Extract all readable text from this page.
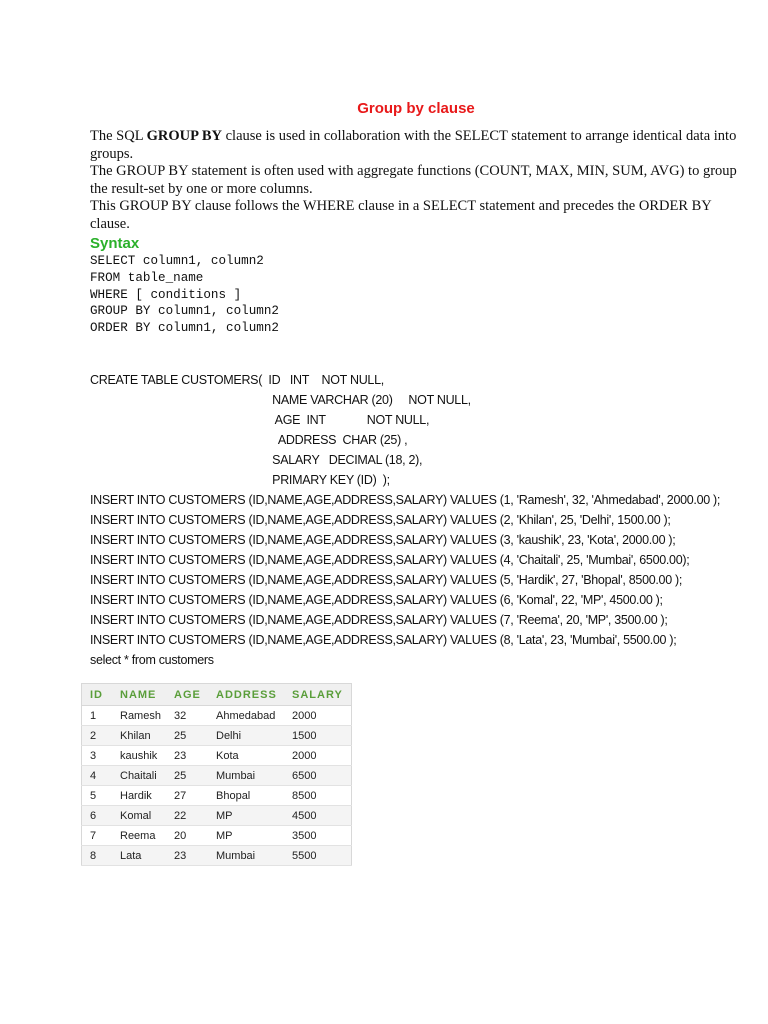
Group by clause

The SQL GROUP BY clause is used in collaboration with the SELECT statement to arrange identical data into groups.

The GROUP BY statement is often used with aggregate functions (COUNT, MAX, MIN, SUM, AVG) to group the result-set by one or more columns.

This GROUP BY clause follows the WHERE clause in a SELECT statement and precedes the ORDER BY clause.

Syntax
SELECT column1, column2
FROM table_name
WHERE [ conditions ]
GROUP BY column1, column2
ORDER BY column1, column2
CREATE TABLE CUSTOMERS(  ID   INT    NOT NULL,
NAME VARCHAR (20)     NOT NULL,
AGE  INT             NOT NULL,
ADDRESS  CHAR (25) ,
SALARY   DECIMAL (18, 2),
PRIMARY KEY (ID)  );
INSERT INTO CUSTOMERS (ID,NAME,AGE,ADDRESS,SALARY) VALUES (1, 'Ramesh', 32, 'Ahmedabad', 2000.00 );
INSERT INTO CUSTOMERS (ID,NAME,AGE,ADDRESS,SALARY) VALUES (2, 'Khilan', 25, 'Delhi', 1500.00 );
INSERT INTO CUSTOMERS (ID,NAME,AGE,ADDRESS,SALARY) VALUES (3, 'kaushik', 23, 'Kota', 2000.00 );
INSERT INTO CUSTOMERS (ID,NAME,AGE,ADDRESS,SALARY) VALUES (4, 'Chaitali', 25, 'Mumbai', 6500.00);
INSERT INTO CUSTOMERS (ID,NAME,AGE,ADDRESS,SALARY) VALUES (5, 'Hardik', 27, 'Bhopal', 8500.00 );
INSERT INTO CUSTOMERS (ID,NAME,AGE,ADDRESS,SALARY) VALUES (6, 'Komal', 22, 'MP', 4500.00 );
INSERT INTO CUSTOMERS (ID,NAME,AGE,ADDRESS,SALARY) VALUES (7, 'Reema', 20, 'MP', 3500.00 );
INSERT INTO CUSTOMERS (ID,NAME,AGE,ADDRESS,SALARY) VALUES (8, 'Lata', 23, 'Mumbai', 5500.00 );
select * from customers
ID	NAME	AGE	ADDRESS	SALARY
1	Ramesh	32	Ahmedabad	2000
2	Khilan	25	Delhi	1500
3	kaushik	23	Kota	2000
4	Chaitali	25	Mumbai	6500
5	Hardik	27	Bhopal	8500
6	Komal	22	MP	4500
7	Reema	20	MP	3500
8	Lata	23	Mumbai	5500
